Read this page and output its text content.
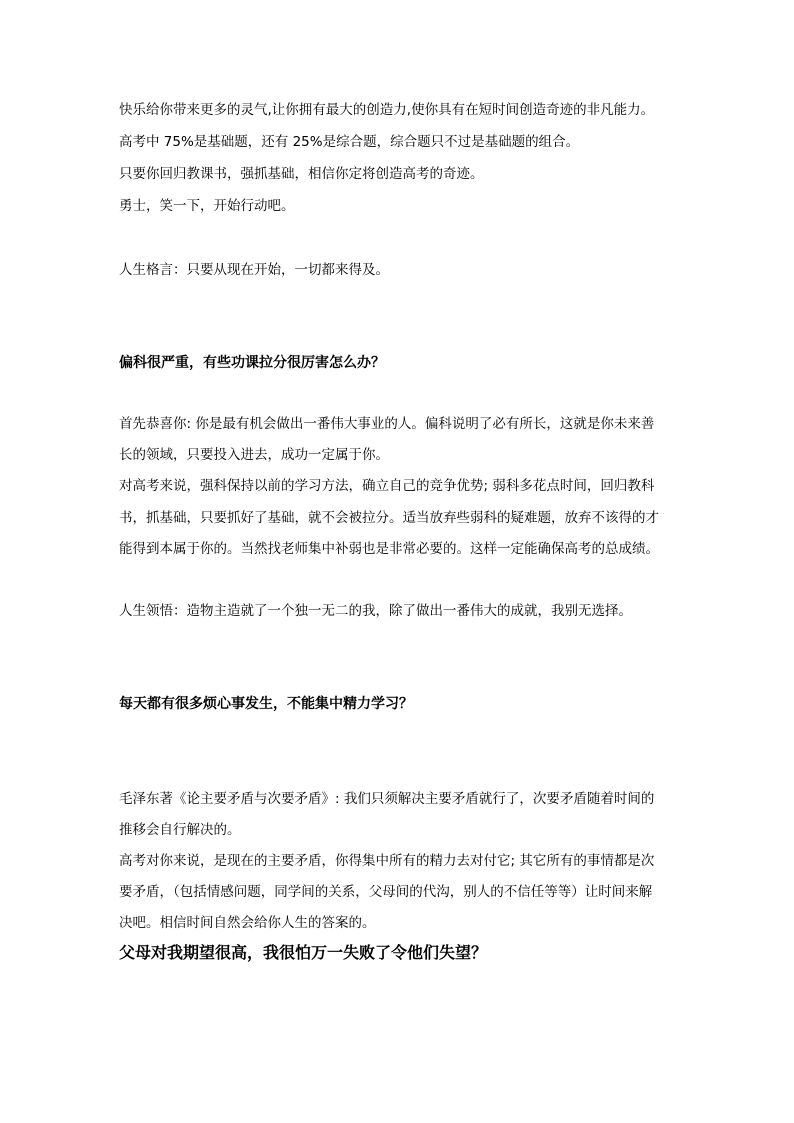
快乐给你带来更多的灵气,让你拥有最大的创造力,使你具有在短时间创造奇迹的非凡能力。
高考中 75%是基础题，还有 25%是综合题，综合题只不过是基础题的组合。
只要你回归教课书，强抓基础，相信你定将创造高考的奇迹。
勇士，笑一下，开始行动吧。
人生格言：只要从现在开始，一切都来得及。
偏科很严重，有些功课拉分很厉害怎么办？
首先恭喜你: 你是最有机会做出一番伟大事业的人。偏科说明了必有所长，这就是你未来善
长的领域，只要投入进去，成功一定属于你。
对高考来说，强科保持以前的学习方法，确立自己的竞争优势; 弱科多花点时间，回归教科
书，抓基础，只要抓好了基础，就不会被拉分。适当放弃些弱科的疑难题，放弃不该得的才
能得到本属于你的。当然找老师集中补弱也是非常必要的。这样一定能确保高考的总成绩。
人生领悟：造物主造就了一个独一无二的我，除了做出一番伟大的成就，我别无选择。
每天都有很多烦心事发生，不能集中精力学习？
毛泽东著《论主要矛盾与次要矛盾》: 我们只须解决主要矛盾就行了，次要矛盾随着时间的
推移会自行解决的。
高考对你来说，是现在的主要矛盾，你得集中所有的精力去对付它; 其它所有的事情都是次
要矛盾，（包括情感问题，同学间的关系，父母间的代沟，别人的不信任等等）让时间来解
决吧。相信时间自然会给你人生的答案的。
父母对我期望很高，我很怕万一失败了令他们失望？
